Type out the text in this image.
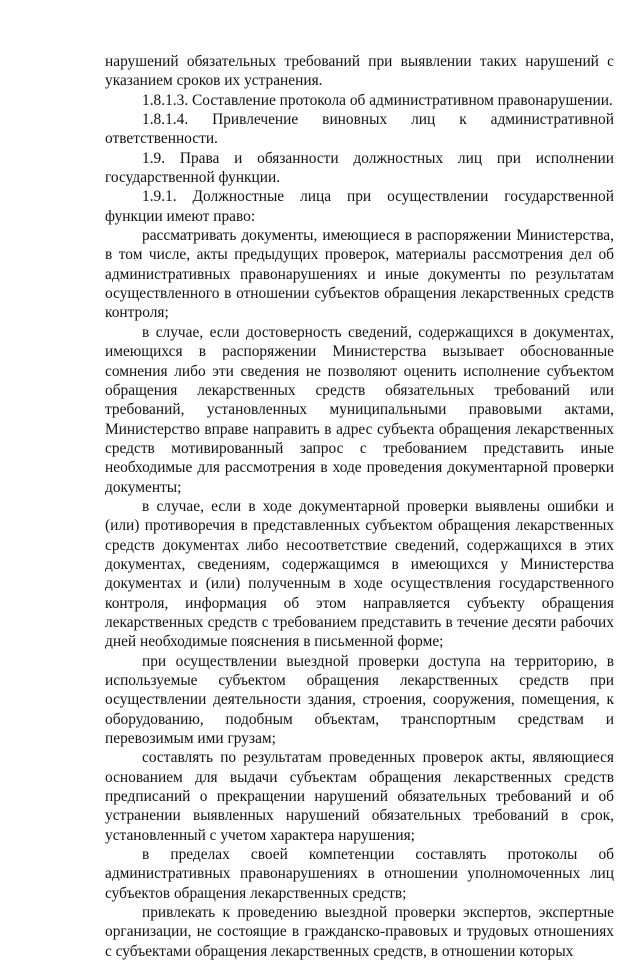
нарушений обязательных требований при выявлении таких нарушений с указанием сроков их устранения.

1.8.1.3. Составление протокола об административном правонарушении.

1.8.1.4. Привлечение виновных лиц к административной ответственности.

1.9. Права и обязанности должностных лиц при исполнении государственной функции.

1.9.1. Должностные лица при осуществлении государственной функции имеют право:

рассматривать документы, имеющиеся в распоряжении Министерства, в том числе, акты предыдущих проверок, материалы рассмотрения дел об административных правонарушениях и иные документы по результатам осуществленного в отношении субъектов обращения лекарственных средств контроля;

в случае, если достоверность сведений, содержащихся в документах, имеющихся в распоряжении Министерства вызывает обоснованные сомнения либо эти сведения не позволяют оценить исполнение субъектом обращения лекарственных средств обязательных требований или требований, установленных муниципальными правовыми актами, Министерство вправе направить в адрес субъекта обращения лекарственных средств мотивированный запрос с требованием представить иные необходимые для рассмотрения в ходе проведения документарной проверки документы;

в случае, если в ходе документарной проверки выявлены ошибки и (или) противоречия в представленных субъектом обращения лекарственных средств документах либо несоответствие сведений, содержащихся в этих документах, сведениям, содержащимся в имеющихся у Министерства документах и (или) полученным в ходе осуществления государственного контроля, информация об этом направляется субъекту обращения лекарственных средств с требованием представить в течение десяти рабочих дней необходимые пояснения в письменной форме;

при осуществлении выездной проверки доступа на территорию, в используемые субъектом обращения лекарственных средств при осуществлении деятельности здания, строения, сооружения, помещения, к оборудованию, подобным объектам, транспортным средствам и перевозимым ими грузам;

составлять по результатам проведенных проверок акты, являющиеся основанием для выдачи субъектам обращения лекарственных средств предписаний о прекращении нарушений обязательных требований и об устранении выявленных нарушений обязательных требований в срок, установленный с учетом характера нарушения;

в пределах своей компетенции составлять протоколы об административных правонарушениях в отношении уполномоченных лиц субъектов обращения лекарственных средств;

привлекать к проведению выездной проверки экспертов, экспертные организации, не состоящие в гражданско-правовых и трудовых отношениях с субъектами обращения лекарственных средств, в отношении которых
